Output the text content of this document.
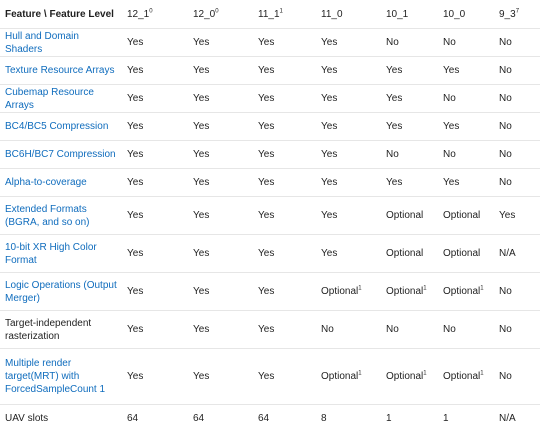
Feature \ Feature Level	$12\_1^0$	$12\_0^0$	$11\_1^1$	11_0	10_1	10_0	$9\_3^7$
Hull and Domain Shaders	Yes	Yes	Yes	Yes	No	No	No
Texture Resource Arrays	Yes	Yes	Yes	Yes	Yes	Yes	No
Cubemap Resource Arrays	Yes	Yes	Yes	Yes	Yes	No	No
BC4/BC5 Compression	Yes	Yes	Yes	Yes	Yes	Yes	No
BC6H/BC7 Compression	Yes	Yes	Yes	Yes	No	No	No
Alpha-to-coverage	Yes	Yes	Yes	Yes	Yes	Yes	No
Extended Formats (BGRA, and so on)	Yes	Yes	Yes	Yes	Optional	Optional	Yes
10-bit XR High Color Format	Yes	Yes	Yes	Yes	Optional	Optional	N/A
Logic Operations (Output Merger)	Yes	Yes	Yes	Optional$^1$	Optional$^1$	Optional$^1$	No
Target-independent rasterization	Yes	Yes	Yes	No	No	No	No
Multiple render target(MRT) with ForcedSampleCount 1	Yes	Yes	Yes	Optional$^1$	Optional$^1$	Optional$^1$	No
UAV slots	64	64	64	8	1	1	N/A
